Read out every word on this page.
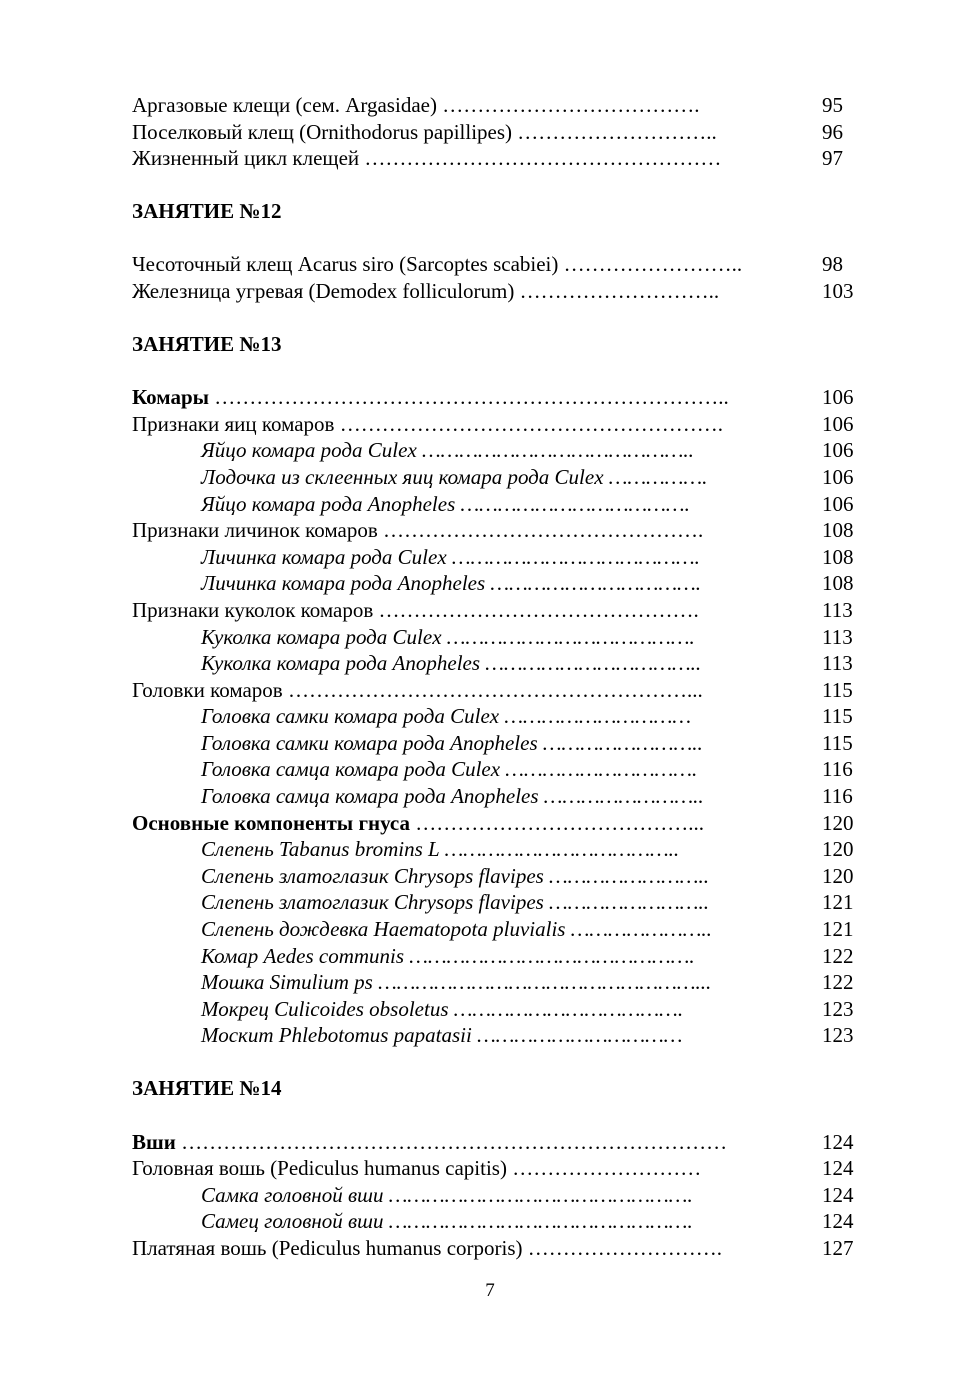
Аргазовые клещи (сем. Argasidae) ……………………………….	95
Поселковый клещ (Ornithodorus papillipes) ………………………..	96
Жизненный цикл клещей ……………………………………………	97
ЗАНЯТИЕ №12
Чесоточный клещ Acarus siro (Sarcoptes scabiei) ……………………..	98
Железница угревая (Demodex folliculorum) ………………………..	103
ЗАНЯТИЕ №13
Комары ………………………………………………………………..	106
Признаки яиц комаров ……………………………………………….	106
Яйцо комара рода Culex ……………………………………..	106
Лодочка из склеенных яиц комара рода Culex …………….	106
Яйцо комара рода Anopheles ……………………………….	106
Признаки личинок комаров ……………………………………….	108
Личинка комара рода Culex ………………………………….	108
Личинка комара рода Anopheles …………………………….	108
Признаки куколок комаров ……………………………………….	113
Куколка комара рода Culex ………………………………….	113
Куколка комара рода Anopheles ……………………………..	113
Головки комаров …………………………………………………...	115
Головка самки комара рода Culex …………………………	115
Головка самки комара рода Anopheles ……………………..	115
Головка самца комара рода Culex ………………………….	116
Головка самца комара рода Anopheles ……………………..	116
Основные компоненты гнуса …………………………………...	120
Слепень Tabanus bromins L ………………………………..	120
Слепень златоглазик Chrysops flavipes ……………………..	120
Слепень златоглазик Chrysops flavipes ……………………..	121
Слепень дождевка Haematopota pluvialis …………………..	121
Комар Aedes communis ……………………………………….	122
Мошка Simulium ps ……………………………………………...	122
Мокрец Culicoides obsoletus ……………………………….	123
Москит Phlebotomus papatasii ……………………………	123
ЗАНЯТИЕ №14
Вши ……………………………………………………………………	124
Головная вошь (Pediculus humanus capitis) ………………………	124
Самка головной вши ………………………………………….	124
Самец головной вши ………………………………………….	124
Платяная вошь (Pediculus humanus corporis) ……………………….	127
7
